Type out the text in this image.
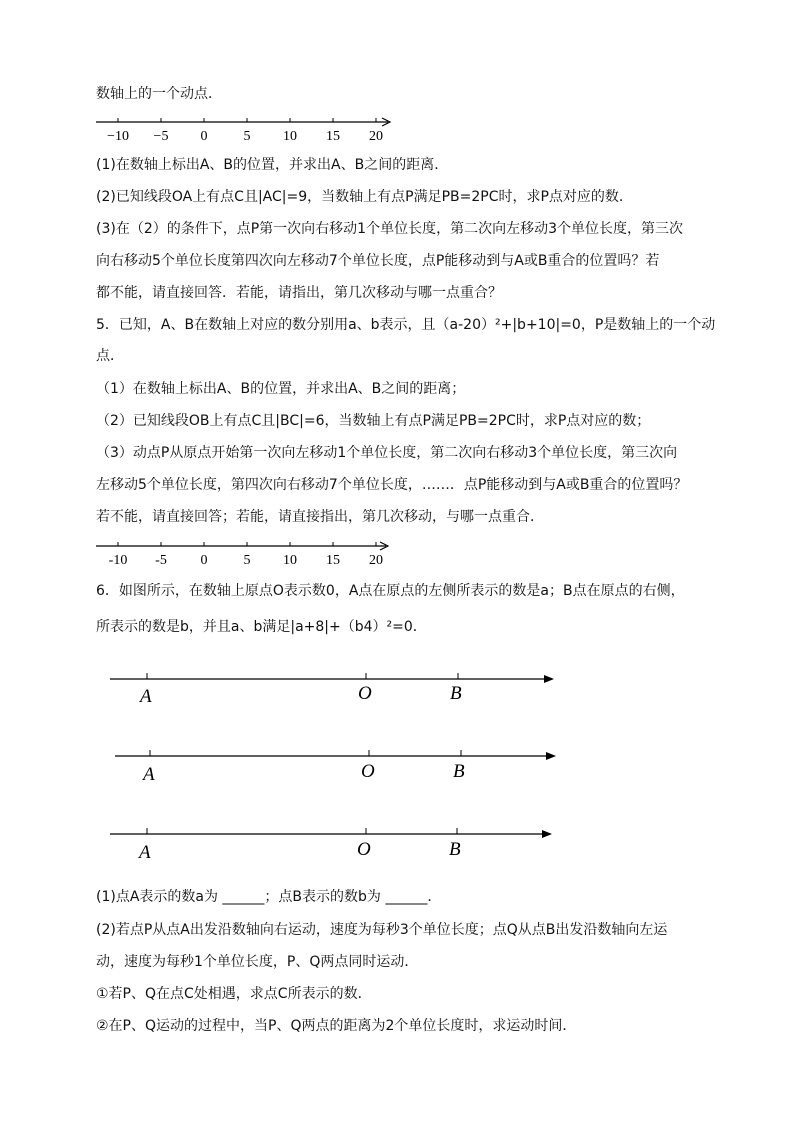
数轴上的一个动点．
−10 −5 0	5 10 15 20
(1)在数轴上标出A、B的位置，并求出A、B之间的距离．
(2)已知线段OA上有点C且|AC|=9，当数轴上有点P满足PB=2PC时，求P点对应的数．
(3)在（2）的条件下，点P第一次向右移动1个单位长度，第二次向左移动3个单位长度，第三次
向右移动5个单位长度第四次向左移动7个单位长度，点P能移动到与A或B重合的位置吗？若
都不能，请直接回答．若能，请指出，第几次移动与哪一点重合？
5．已知，A、B在数轴上对应的数分别用a、b表示，且（a-20）²+|b+10|=0，P是数轴上的一个动
点．
（1）在数轴上标出A、B的位置，并求出A、B之间的距离；
（2）已知线段OB上有点C且|BC|=6，当数轴上有点P满足PB=2PC时，求P点对应的数；
（3）动点P从原点开始第一次向左移动1个单位长度，第二次向右移动3个单位长度，第三次向
左移动5个单位长度，第四次向右移动7个单位长度，……．点P能移动到与A或B重合的位置吗？
若不能，请直接回答；若能，请直接指出，第几次移动，与哪一点重合．
-10 -5 0	5 10 15 20
6．如图所示，在数轴上原点O表示数0，A点在原点的左侧所表示的数是a；B点在原点的右侧，
所表示的数是b，并且a、b满足|a+8|+（b4）²=0．
A	O	B
A	O	B
A	O	B
(1)点A表示的数a为 ______；点B表示的数b为 ______．
(2)若点P从点A出发沿数轴向右运动，速度为每秒3个单位长度；点Q从点B出发沿数轴向左运
动，速度为每秒1个单位长度，P、Q两点同时运动．
①若P、Q在点C处相遇，求点C所表示的数．
②在P、Q运动的过程中，当P、Q两点的距离为2个单位长度时，求运动时间．
